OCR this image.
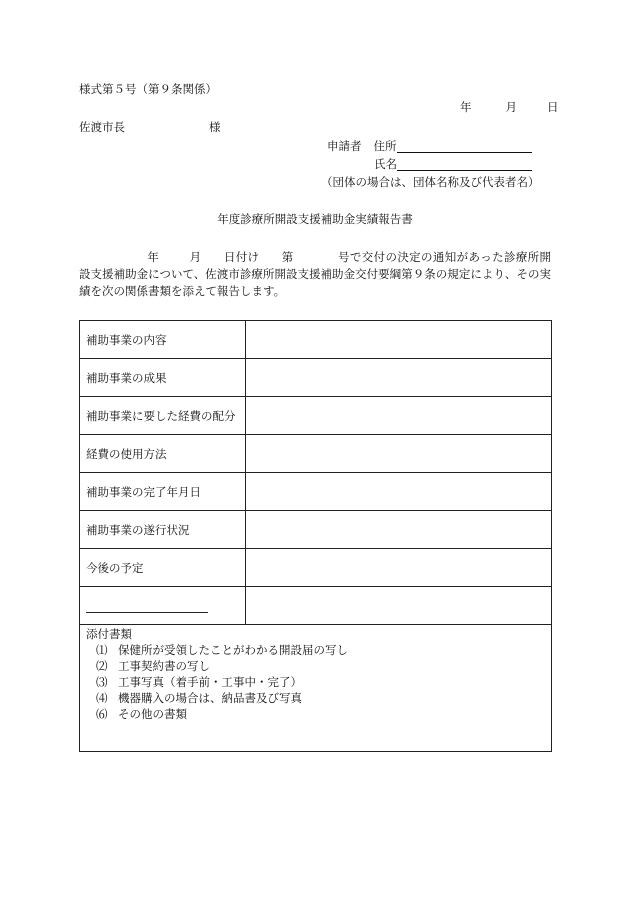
様式第５号（第９条関係）
年	月	日
佐渡市長	様
申請者 住所
氏名
（団体の場合は、団体名称及び代表者名）
年度診療所開設支援補助金実績報告書
年	月 日付け 第	号で交付の決定の通知があった診療所開設支援補助金について、佐渡市診療所開設支援補助金交付要綱第９条の規定により、その実績を次の関係書類を添えて報告します。
補助事業の内容	
補助事業の成果	
補助事業に要した経費の配分	
経費の使用方法	
補助事業の完了年月日	
補助事業の遂行状況	
今後の予定	

添付書類
⑴ 保健所が受領したことがわかる開設届の写し
⑵ 工事契約書の写し
⑶ 工事写真（着手前・工事中・完了）
⑷ 機器購入の場合は、納品書及び写真
⑹ その他の書類
